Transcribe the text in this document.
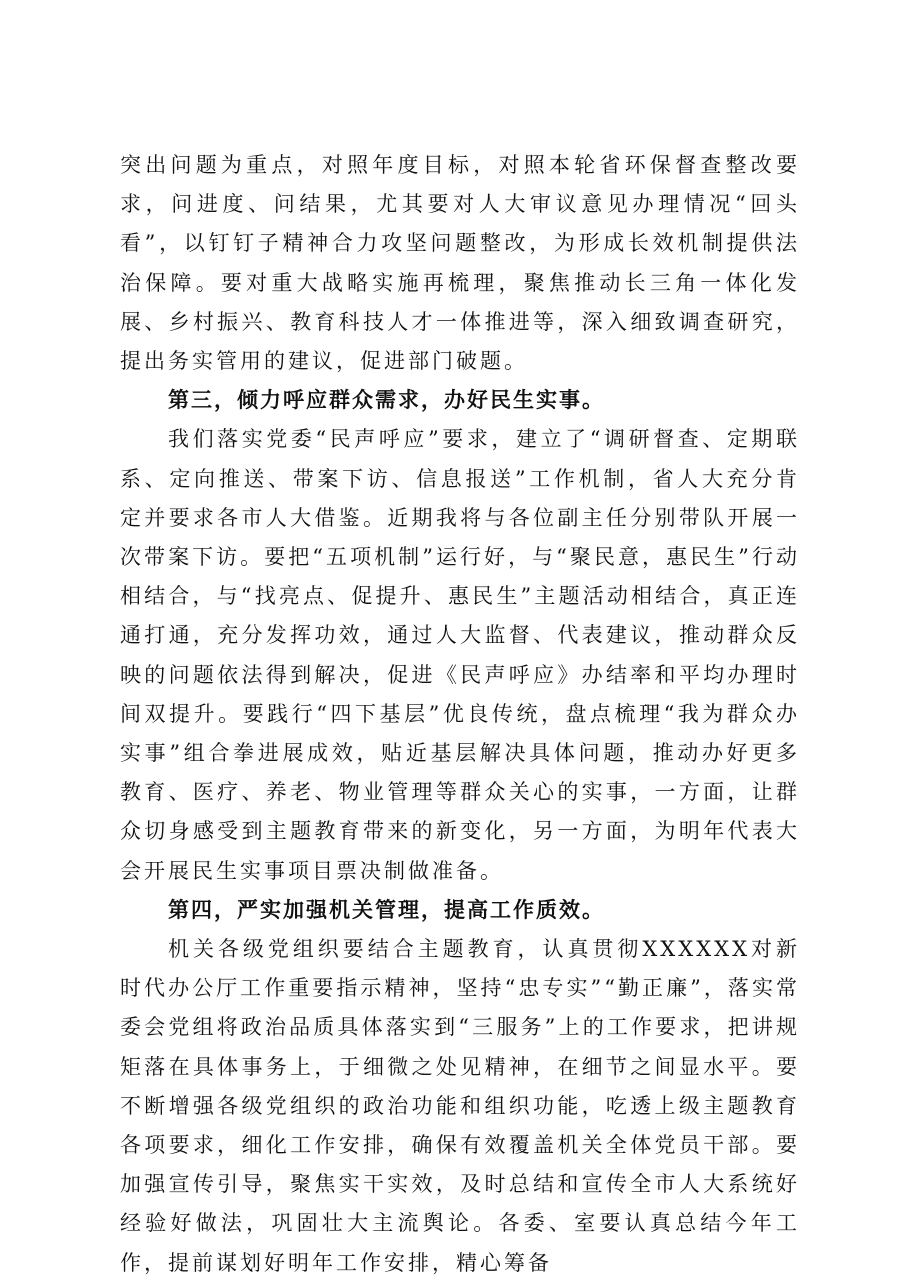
突出问题为重点，对照年度目标，对照本轮省环保督查整改要求，问进度、问结果，尤其要对人大审议意见办理情况“回头看”，以钉钉子精神合力攻坚问题整改，为形成长效机制提供法治保障。要对重大战略实施再梳理，聚焦推动长三角一体化发展、乡村振兴、教育科技人才一体推进等，深入细致调查研究，提出务实管用的建议，促进部门破题。

第三，倾力呼应群众需求，办好民生实事。

我们落实党委“民声呼应”要求，建立了“调研督查、定期联系、定向推送、带案下访、信息报送”工作机制，省人大充分肯定并要求各市人大借鉴。近期我将与各位副主任分别带队开展一次带案下访。要把“五项机制”运行好，与“聚民意，惠民生”行动相结合，与“找亮点、促提升、惠民生”主题活动相结合，真正连通打通，充分发挥功效，通过人大监督、代表建议，推动群众反映的问题依法得到解决，促进《民声呼应》办结率和平均办理时间双提升。要践行“四下基层”优良传统，盘点梳理“我为群众办实事”组合拳进展成效，贴近基层解决具体问题，推动办好更多教育、医疗、养老、物业管理等群众关心的实事，一方面，让群众切身感受到主题教育带来的新变化，另一方面，为明年代表大会开展民生实事项目票决制做准备。

第四，严实加强机关管理，提高工作质效。

机关各级党组织要结合主题教育，认真贯彻XXXXXX对新时代办公厅工作重要指示精神，坚持“忠专实”“勤正廉”，落实常委会党组将政治品质具体落实到“三服务”上的工作要求，把讲规矩落在具体事务上，于细微之处见精神，在细节之间显水平。要不断增强各级党组织的政治功能和组织功能，吃透上级主题教育各项要求，细化工作安排，确保有效覆盖机关全体党员干部。要加强宣传引导，聚焦实干实效，及时总结和宣传全市人大系统好经验好做法，巩固壮大主流舆论。各委、室要认真总结今年工作，提前谋划好明年工作安排，精心筹备
